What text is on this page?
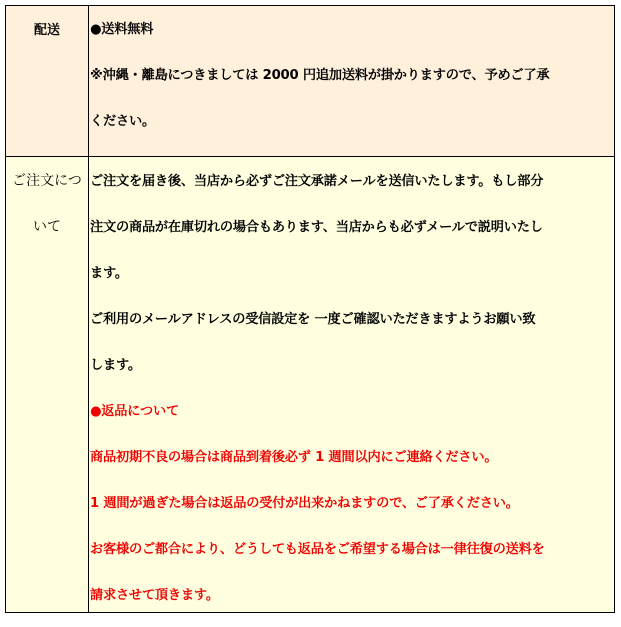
配送	●送料無料
※沖縄・離島につきましては 2000 円追加送料が掛かりますので、予めご了承
ください。
ご注文につ
いて
ご注文を届き後、当店から必ずご注文承諾メールを送信いたします。もし部分
注文の商品が在庫切れの場合もあります、当店からも必ずメールで説明いたし
ます。
ご利用のメールアドレスの受信設定を 一度ご確認いただきますようお願い致
します。
●返品について
商品初期不良の場合は商品到着後必ず 1 週間以内にご連絡ください。
1 週間が過ぎた場合は返品の受付が出来かねますので、ご了承ください。
お客様のご都合により、どうしても返品をご希望する場合は一律往復の送料を
請求させて頂きます。
